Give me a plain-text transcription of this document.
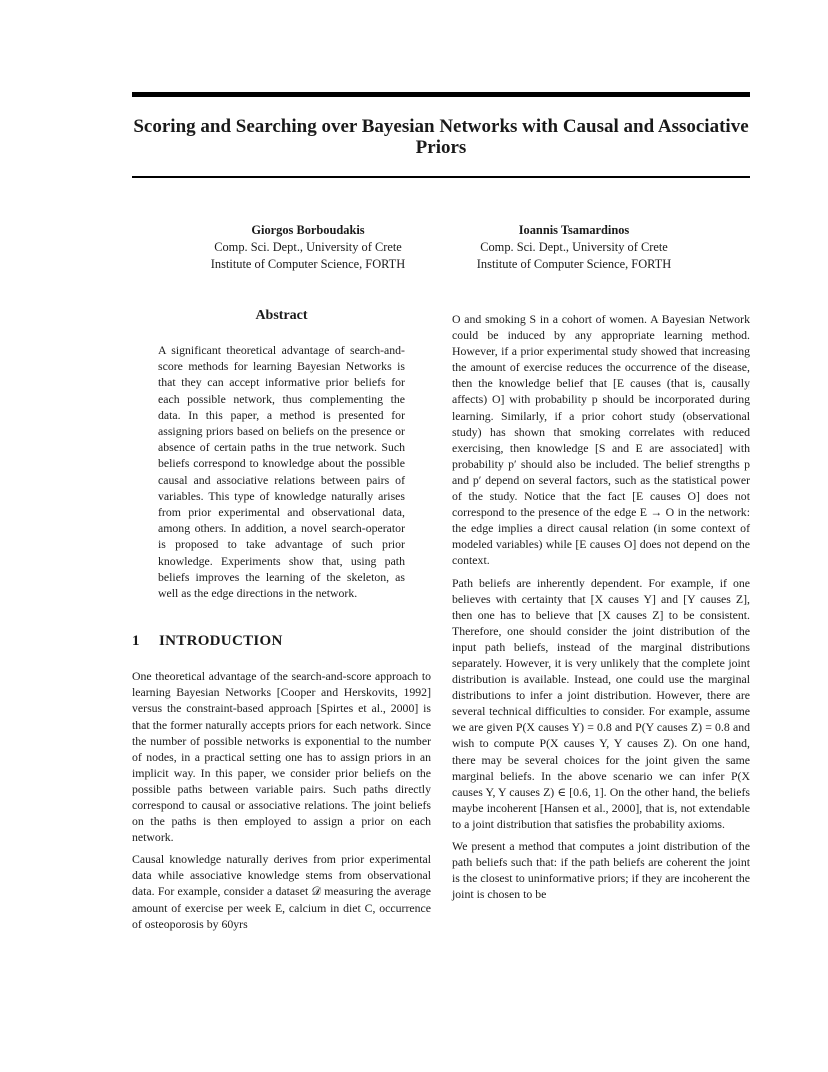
Scoring and Searching over Bayesian Networks with Causal and Associative Priors
Giorgos Borboudakis
Comp. Sci. Dept., University of Crete
Institute of Computer Science, FORTH
Ioannis Tsamardinos
Comp. Sci. Dept., University of Crete
Institute of Computer Science, FORTH
Abstract

A significant theoretical advantage of search-and-score methods for learning Bayesian Networks is that they can accept informative prior beliefs for each possible network, thus complementing the data. In this paper, a method is presented for assigning priors based on beliefs on the presence or absence of certain paths in the true network. Such beliefs correspond to knowledge about the possible causal and associative relations between pairs of variables. This type of knowledge naturally arises from prior experimental and observational data, among others. In addition, a novel search-operator is proposed to take advantage of such prior knowledge. Experiments show that, using path beliefs improves the learning of the skeleton, as well as the edge directions in the network.

1 INTRODUCTION

One theoretical advantage of the search-and-score approach to learning Bayesian Networks [Cooper and Herskovits, 1992] versus the constraint-based approach [Spirtes et al., 2000] is that the former naturally accepts priors for each network. Since the number of possible networks is exponential to the number of nodes, in a practical setting one has to assign priors in an implicit way. In this paper, we consider prior beliefs on the possible paths between variable pairs. Such paths directly correspond to causal or associative relations. The joint beliefs on the paths is then employed to assign a prior on each network.

Causal knowledge naturally derives from prior experimental data while associative knowledge stems from observational data. For example, consider a dataset 𝒟 measuring the average amount of exercise per week E, calcium in diet C, occurrence of osteoporosis by 60yrs

O and smoking S in a cohort of women. A Bayesian Network could be induced by any appropriate learning method. However, if a prior experimental study showed that increasing the amount of exercise reduces the occurrence of the disease, then the knowledge belief that [E causes (that is, causally affects) O] with probability p should be incorporated during learning. Similarly, if a prior cohort study (observational study) has shown that smoking correlates with reduced exercising, then knowledge [S and E are associated] with probability p′ should also be included. The belief strengths p and p′ depend on several factors, such as the statistical power of the study. Notice that the fact [E causes O] does not correspond to the presence of the edge E → O in the network: the edge implies a direct causal relation (in some context of modeled variables) while [E causes O] does not depend on the context.

Path beliefs are inherently dependent. For example, if one believes with certainty that [X causes Y] and [Y causes Z], then one has to believe that [X causes Z] to be consistent. Therefore, one should consider the joint distribution of the input path beliefs, instead of the marginal distributions separately. However, it is very unlikely that the complete joint distribution is available. Instead, one could use the marginal distributions to infer a joint distribution. However, there are several technical difficulties to consider. For example, assume we are given P(X causes Y) = 0.8 and P(Y causes Z) = 0.8 and wish to compute P(X causes Y, Y causes Z). On one hand, there may be several choices for the joint given the same marginal beliefs. In the above scenario we can infer P(X causes Y, Y causes Z) ∈ [0.6, 1]. On the other hand, the beliefs maybe incoherent [Hansen et al., 2000], that is, not extendable to a joint distribution that satisfies the probability axioms.

We present a method that computes a joint distribution of the path beliefs such that: if the path beliefs are coherent the joint is the closest to uninformative priors; if they are incoherent the joint is chosen to be
